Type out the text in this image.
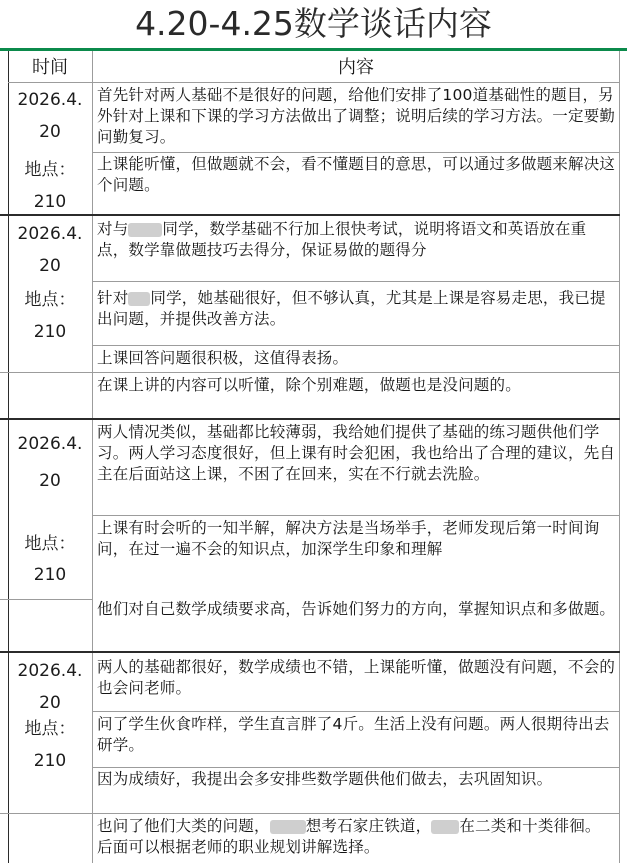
4.20-4.25数学谈话内容
时间	内容
2026.4.
20
地点：
210
首先针对两人基础不是很好的问题，给他们安排了100道基础性的题目，另外针对上课和下课的学习方法做出了调整；说明后续的学习方法。一定要勤问勤复习。
上课能听懂，但做题就不会，看不懂题目的意思，可以通过多做题来解决这个问题。
2026.4.
20
地点：
210
对与 同学，数学基础不行加上很快考试，说明将语文和英语放在重点，数学靠做题技巧去得分，保证易做的题得分
针对 同学，她基础很好，但不够认真，尤其是上课是容易走思，我已提出问题，并提供改善方法。
上课回答问题很积极，这值得表扬。
在课上讲的内容可以听懂，除个别难题，做题也是没问题的。
2026.4.
20
地点：
210
两人情况类似，基础都比较薄弱，我给她们提供了基础的练习题供他们学习。两人学习态度很好，但上课有时会犯困，我也给出了合理的建议，先自主在后面站这上课，不困了在回来，实在不行就去洗脸。
上课有时会听的一知半解，解决方法是当场举手，老师发现后第一时间询问，在过一遍不会的知识点，加深学生印象和理解
他们对自己数学成绩要求高，告诉她们努力的方向，掌握知识点和多做题。
2026.4.
20
地点：
210
两人的基础都很好，数学成绩也不错，上课能听懂，做题没有问题，不会的也会问老师。
问了学生伙食咋样，学生直言胖了4斤。生活上没有问题。两人很期待出去研学。
因为成绩好，我提出会多安排些数学题供他们做去，去巩固知识。
也问了他们大类的问题， 想考石家庄铁道， 在二类和十类徘徊。后面可以根据老师的职业规划讲解选择。
